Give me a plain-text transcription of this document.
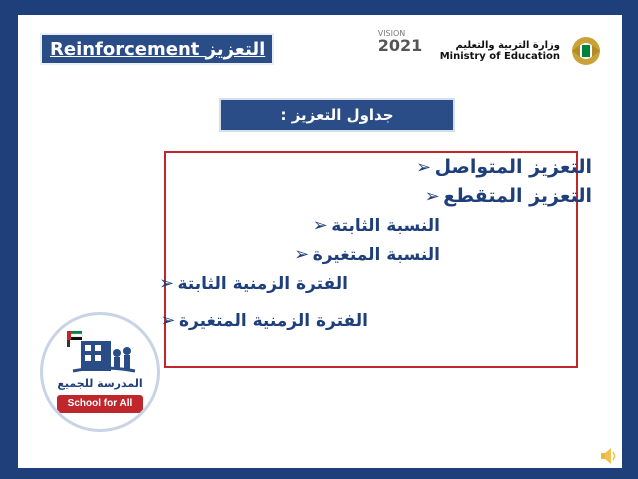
Reinforcement التعزيز
VISION
2021	وزارة التربية والتعليم
Ministry of Education
جداول التعزيز :
➢ التعزيز المتواصل
➢ التعزيز المتقطع
➢ النسبة الثابتة
➢ النسبة المتغيرة
➢ الفترة الزمنية الثابتة
➢ الفترة الزمنية المتغيرة
المدرسة للجميع
School for All
